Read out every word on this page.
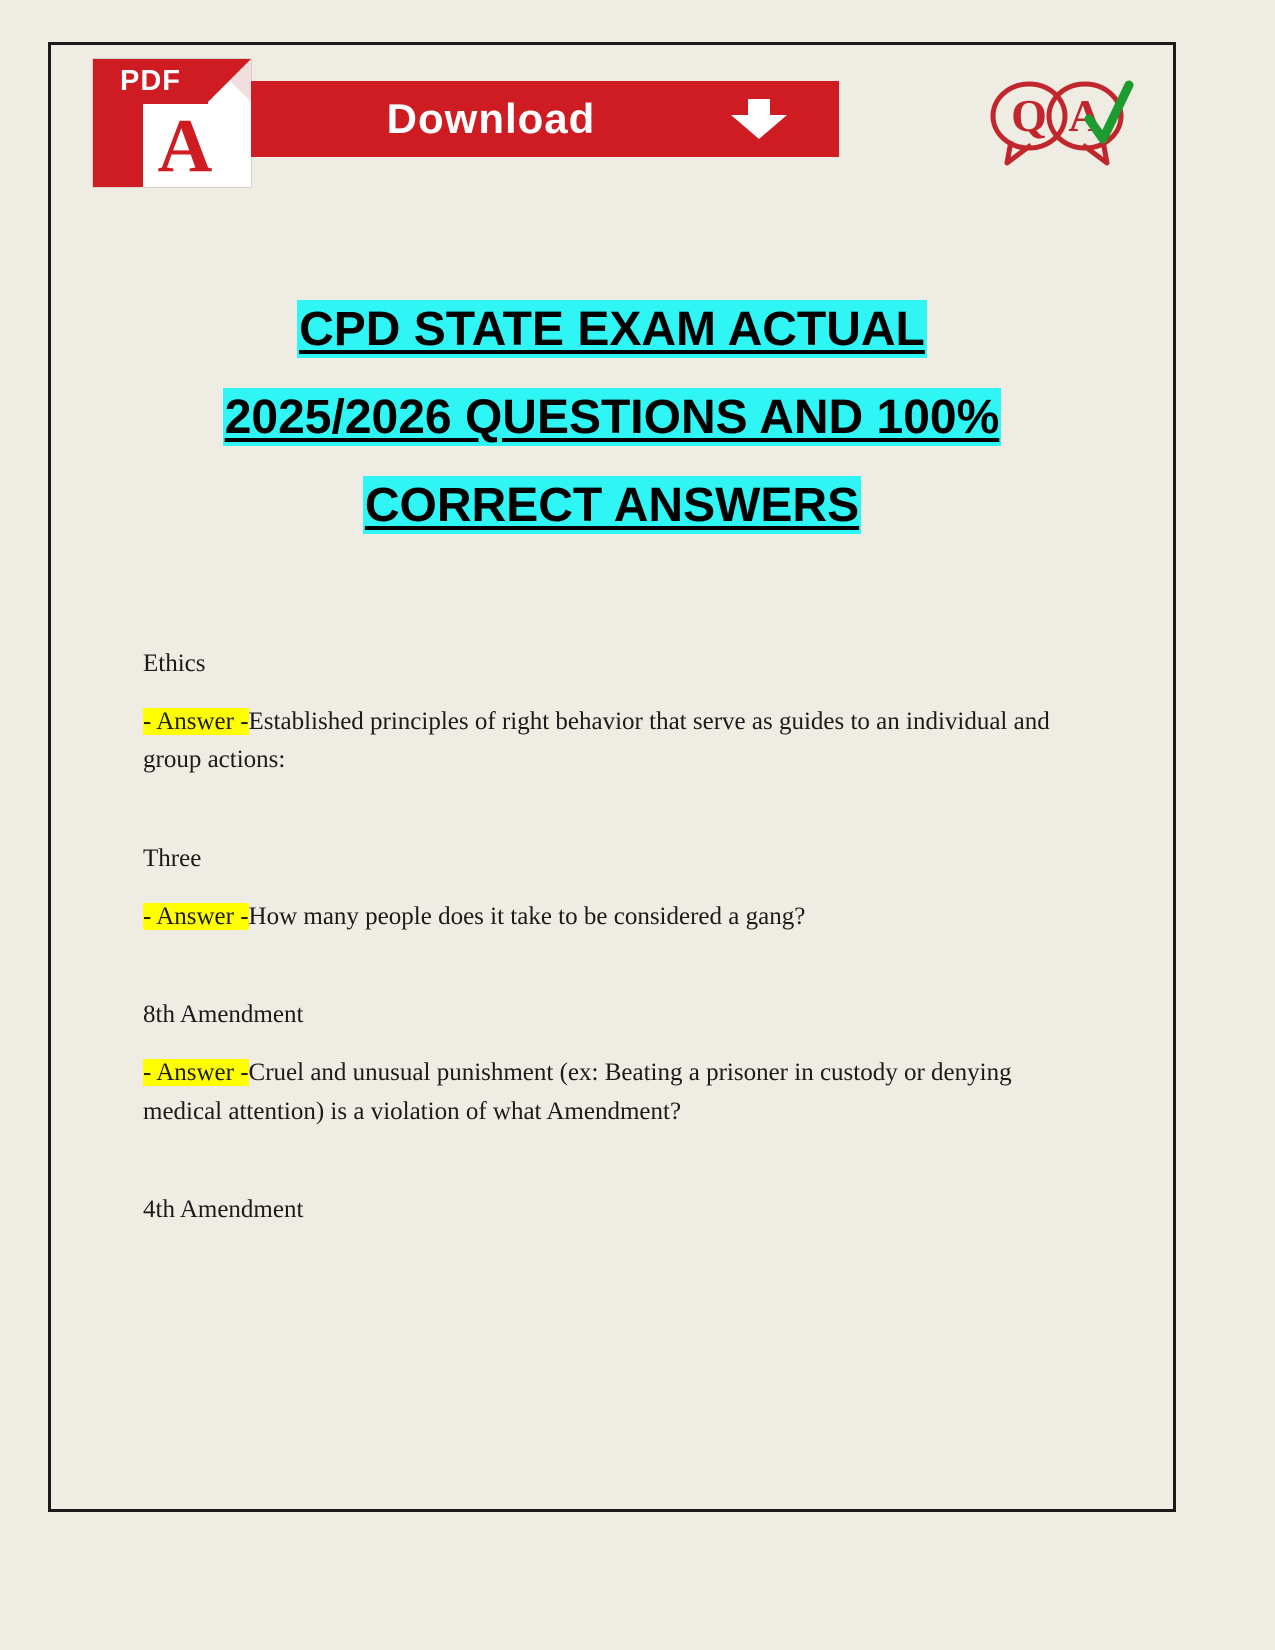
PDF
A	Download	Q A
CPD STATE EXAM ACTUAL
2025/2026 QUESTIONS AND 100%
CORRECT ANSWERS
Ethics
- Answer -Established principles of right behavior that serve as guides to an individual and group actions:
Three
- Answer -How many people does it take to be considered a gang?
8th Amendment
- Answer -Cruel and unusual punishment (ex: Beating a prisoner in custody or denying medical attention) is a violation of what Amendment?
4th Amendment
